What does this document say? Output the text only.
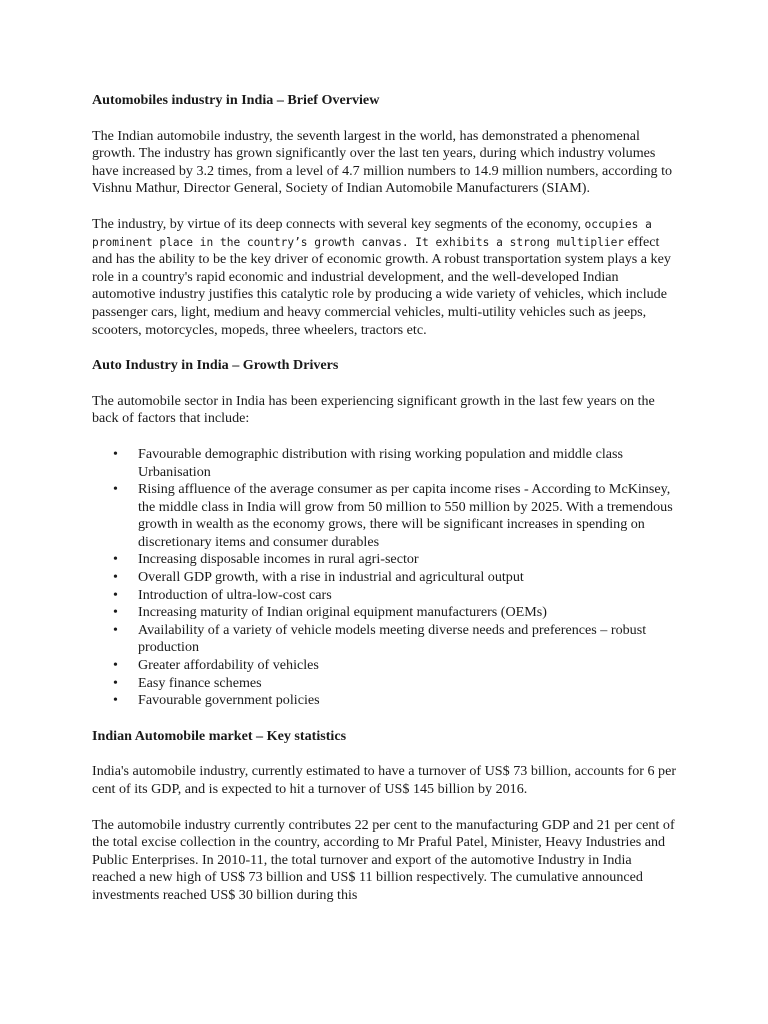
Automobiles industry in India – Brief Overview

The Indian automobile industry, the seventh largest in the world, has demonstrated a phenomenal growth. The industry has grown significantly over the last ten years, during which industry volumes have increased by 3.2 times, from a level of 4.7 million numbers to 14.9 million numbers, according to Vishnu Mathur, Director General, Society of Indian Automobile Manufacturers (SIAM).

The industry, by virtue of its deep connects with several key segments of the economy, occupies a prominent place in the country’s growth canvas. It exhibits a strong multiplier effect and has the ability to be the key driver of economic growth. A robust transportation system plays a key role in a country's rapid economic and industrial development, and the well-developed Indian automotive industry justifies this catalytic role by producing a wide variety of vehicles, which include passenger cars, light, medium and heavy commercial vehicles, multi-utility vehicles such as jeeps, scooters, motorcycles, mopeds, three wheelers, tractors etc.

Auto Industry in India – Growth Drivers

The automobile sector in India has been experiencing significant growth in the last few years on the back of factors that include:

• Favourable demographic distribution with rising working population and middle class Urbanisation
• Rising affluence of the average consumer as per capita income rises - According to McKinsey, the middle class in India will grow from 50 million to 550 million by 2025. With a tremendous growth in wealth as the economy grows, there will be significant increases in spending on discretionary items and consumer durables
• Increasing disposable incomes in rural agri-sector
• Overall GDP growth, with a rise in industrial and agricultural output
• Introduction of ultra-low-cost cars
• Increasing maturity of Indian original equipment manufacturers (OEMs)
• Availability of a variety of vehicle models meeting diverse needs and preferences – robust production
• Greater affordability of vehicles
• Easy finance schemes
• Favourable government policies
Indian Automobile market – Key statistics

India's automobile industry, currently estimated to have a turnover of US$ 73 billion, accounts for 6 per cent of its GDP, and is expected to hit a turnover of US$ 145 billion by 2016.

The automobile industry currently contributes 22 per cent to the manufacturing GDP and 21 per cent of the total excise collection in the country, according to Mr Praful Patel, Minister, Heavy Industries and Public Enterprises. In 2010-11, the total turnover and export of the automotive Industry in India reached a new high of US$ 73 billion and US$ 11 billion respectively. The cumulative announced investments reached US$ 30 billion during this
